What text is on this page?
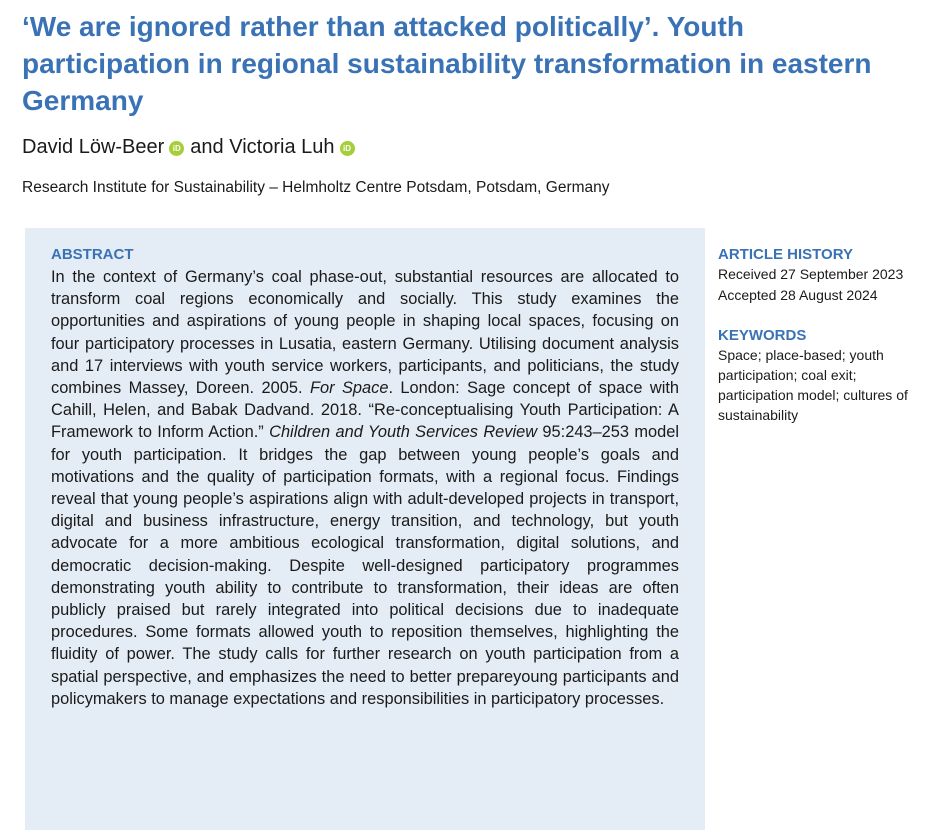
‘We are ignored rather than attacked politically’. Youth participation in regional sustainability transformation in eastern Germany
David Löw-Beer iD and Victoria Luh iD
Research Institute for Sustainability – Helmholtz Centre Potsdam, Potsdam, Germany
ABSTRACT

In the context of Germany’s coal phase-out, substantial resources are allocated to transform coal regions economically and socially. This study examines the opportunities and aspirations of young people in shaping local spaces, focusing on four participatory processes in Lusatia, eastern Germany. Utilising document analysis and 17 interviews with youth service workers, participants, and politicians, the study combines Massey, Doreen. 2005. For Space. London: Sage concept of space with Cahill, Helen, and Babak Dadvand. 2018. “Re-conceptualising Youth Participation: A Framework to Inform Action.” Children and Youth Services Review 95:243–253 model for youth participation. It bridges the gap between young people’s goals and motivations and the quality of participation formats, with a regional focus. Findings reveal that young people’s aspirations align with adult-developed projects in transport, digital and business infrastructure, energy transition, and technology, but youth advocate for a more ambitious ecological transformation, digital solutions, and democratic decision-making. Despite well-designed participatory programmes demonstrating youth ability to contribute to transformation, their ideas are often publicly praised but rarely integrated into political decisions due to inadequate procedures. Some formats allowed youth to reposition themselves, highlighting the fluidity of power. The study calls for further research on youth participation from a spatial perspective, and emphasizes the need to better prepareyoung participants and policymakers to manage expectations and responsibilities in participatory processes.

ARTICLE HISTORY
Received 27 September 2023
Accepted 28 August 2024
KEYWORDS
Space; place-based; youth participation; coal exit; participation model; cultures of sustainability
